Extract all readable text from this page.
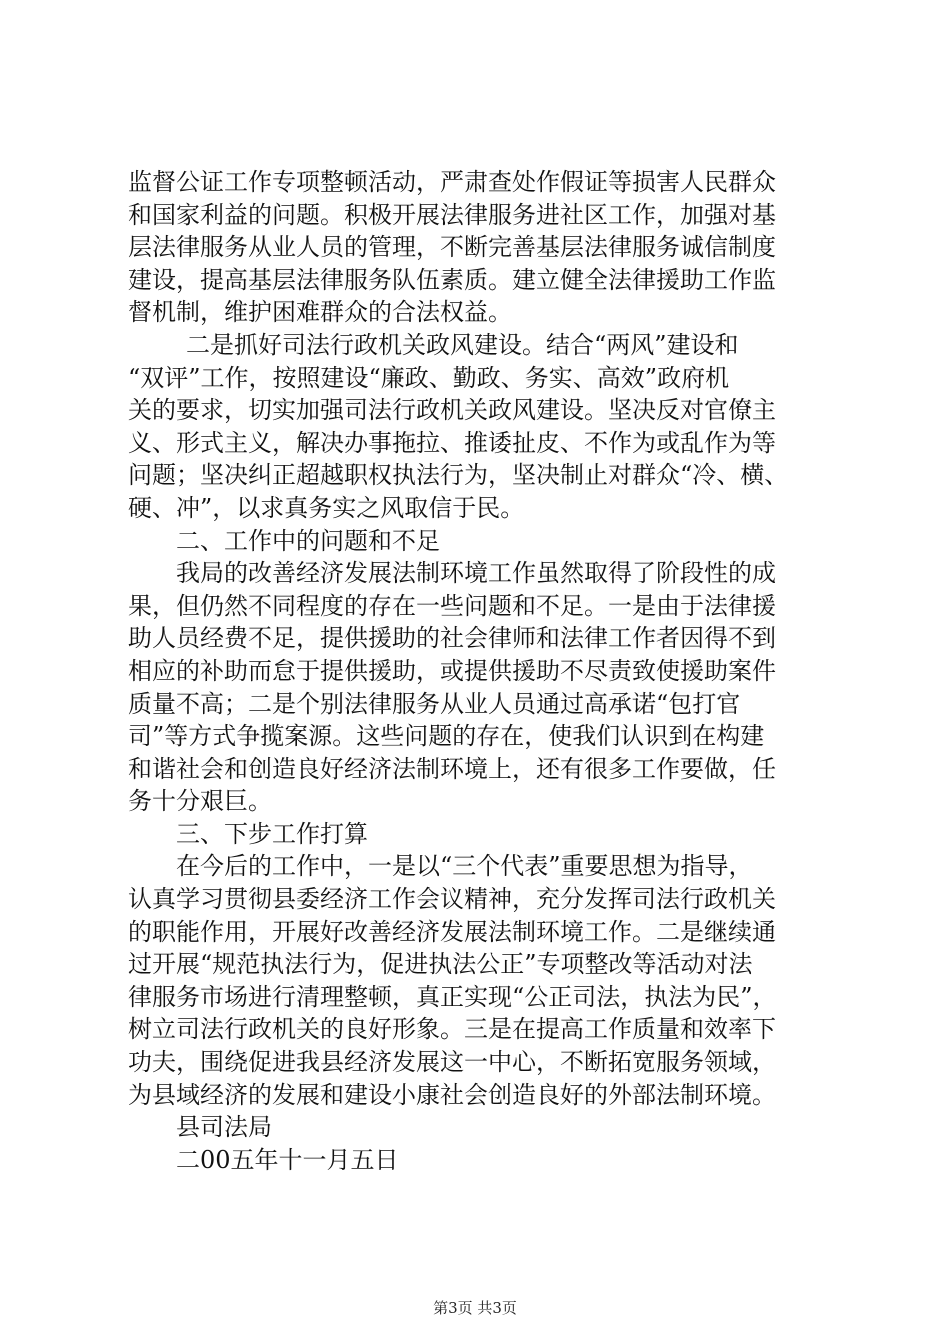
监督公证工作专项整顿活动，严肃查处作假证等损害人民群众
和国家利益的问题。积极开展法律服务进社区工作，加强对基
层法律服务从业人员的管理，不断完善基层法律服务诚信制度
建设，提高基层法律服务队伍素质。建立健全法律援助工作监
督机制，维护困难群众的合法权益。
二是抓好司法行政机关政风建设。结合“两风”建设和
“双评”工作，按照建设“廉政、勤政、务实、高效”政府机
关的要求，切实加强司法行政机关政风建设。坚决反对官僚主
义、形式主义，解决办事拖拉、推诿扯皮、不作为或乱作为等
问题；坚决纠正超越职权执法行为，坚决制止对群众“冷、横、
硬、冲”，以求真务实之风取信于民。
二、工作中的问题和不足
我局的改善经济发展法制环境工作虽然取得了阶段性的成
果，但仍然不同程度的存在一些问题和不足。一是由于法律援
助人员经费不足，提供援助的社会律师和法律工作者因得不到
相应的补助而怠于提供援助，或提供援助不尽责致使援助案件
质量不高；二是个别法律服务从业人员通过高承诺“包打官
司”等方式争揽案源。这些问题的存在，使我们认识到在构建
和谐社会和创造良好经济法制环境上，还有很多工作要做，任
务十分艰巨。
三、下步工作打算
在今后的工作中，一是以“三个代表”重要思想为指导，
认真学习贯彻县委经济工作会议精神，充分发挥司法行政机关
的职能作用，开展好改善经济发展法制环境工作。二是继续通
过开展“规范执法行为，促进执法公正”专项整改等活动对法
律服务市场进行清理整顿，真正实现“公正司法，执法为民”，
树立司法行政机关的良好形象。三是在提高工作质量和效率下
功夫，围绕促进我县经济发展这一中心，不断拓宽服务领域，
为县域经济的发展和建设小康社会创造良好的外部法制环境。
县司法局
二00五年十一月五日
第3页 共3页
